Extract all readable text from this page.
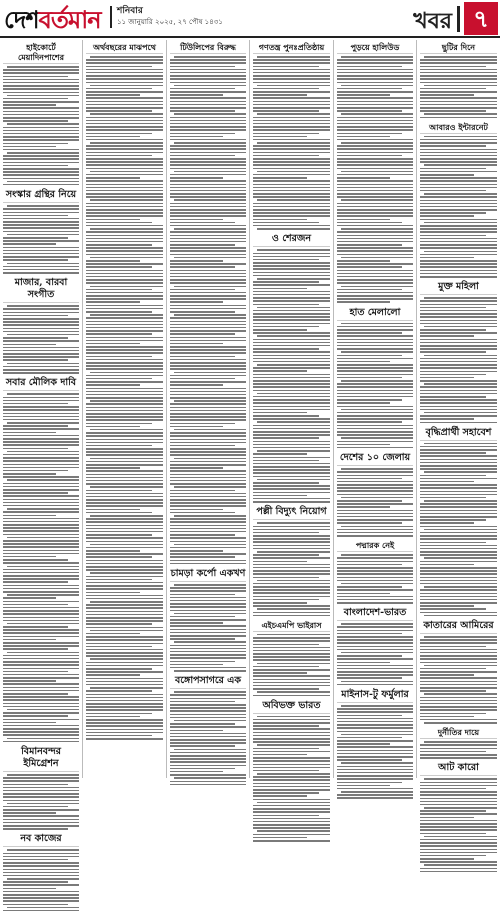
দেশবর্তমান শনিবার
১১ জানুয়ারি ২০২৫, ২৭ পৌষ ১৪৩১	খবর ৭
হাইকোর্টে মেয়াদিনপাশের
সংস্কার গ্রন্থির নিয়ে
মাজার, বারবা সংগীত
সবার মৌলিক দাবি
বিমানবন্দর ইমিগ্রেশন
নব কাজের
অর্থবছরের মাঝপথে	টিউলিপের বিরুদ্ধ
চামড়া কর্পো একখণ
বঙ্গোপসাগরে এক
গণতন্ত্র পুনঃপ্রতিষ্ঠায়
ও শেরজন
পল্লী বিদ্যুৎ নিয়োগ
এইচএমপি ভাইরাস
অবিভক্ত ভারত
পুড়য়ে হালিউড
হাত মেলালো
দেশের ১০ জেলায়
পদ্মারক নেই
বাংলাদেশ-ভারত
মাইনাস-টু ফর্মুলার
ছুটির দিনে
আবারও ইন্টারনেট
মুক্ত মহিলা
বৃদ্ধিপ্রার্থী সহাবেশ
কাতারের আমিরের
দুর্নীতির দায়ে
আট কারো
